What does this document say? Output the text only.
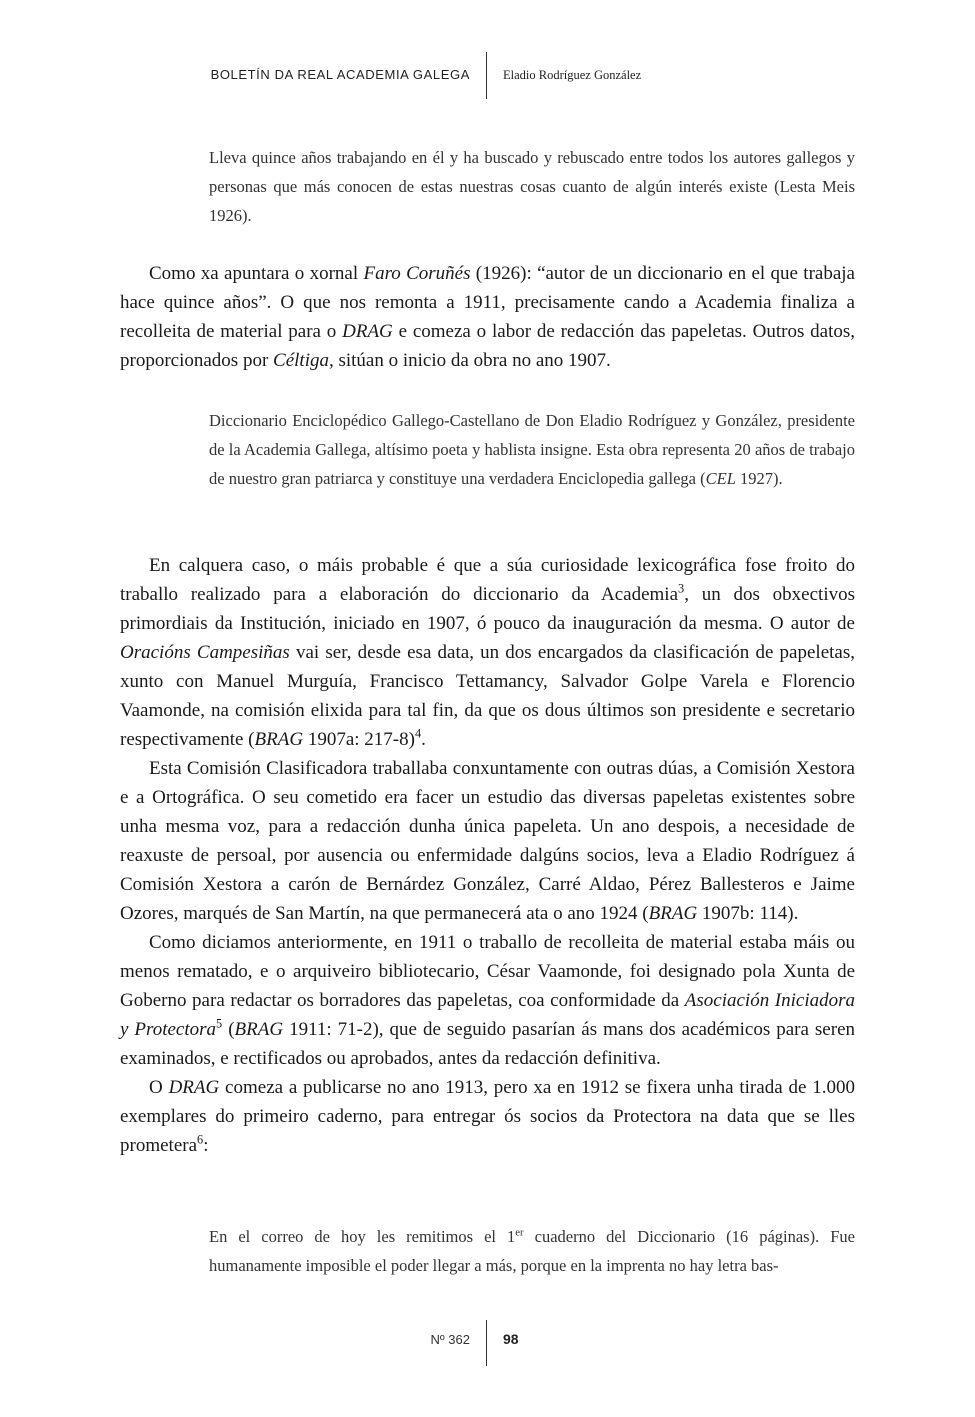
BOLETÍN DA REAL ACADEMIA GALEGA	Eladio Rodríguez González

Lleva quince años trabajando en él y ha buscado y rebuscado entre todos los autores gallegos y personas que más conocen de estas nuestras cosas cuanto de algún interés existe (Lesta Meis 1926).

Como xa apuntara o xornal Faro Coruñés (1926): “autor de un diccionario en el que trabaja hace quince años”. O que nos remonta a 1911, precisamente cando a Academia finaliza a recolleita de material para o DRAG e comeza o labor de redacción das papeletas. Outros datos, proporcionados por Céltiga, sitúan o inicio da obra no ano 1907.

Diccionario Enciclopédico Gallego-Castellano de Don Eladio Rodríguez y González, presidente de la Academia Gallega, altísimo poeta y hablista insigne. Esta obra representa 20 años de trabajo de nuestro gran patriarca y constituye una verdadera Enciclopedia gallega (CEL 1927).

En calquera caso, o máis probable é que a súa curiosidade lexicográfica fose froito do traballo realizado para a elaboración do diccionario da Academia$^3$, un dos obxectivos primordiais da Institución, iniciado en 1907, ó pouco da inauguración da mesma. O autor de Oracións Campesiñas vai ser, desde esa data, un dos encargados da clasificación de papeletas, xunto con Manuel Murguía, Francisco Tettamancy, Salvador Golpe Varela e Florencio Vaamonde, na comisión elixida para tal fin, da que os dous últimos son presidente e secretario respectivamente (BRAG 1907a: 217-8)$^4$.

Esta Comisión Clasificadora traballaba conxuntamente con outras dúas, a Comisión Xestora e a Ortográfica. O seu cometido era facer un estudio das diversas papeletas existentes sobre unha mesma voz, para a redacción dunha única papeleta. Un ano despois, a necesidade de reaxuste de persoal, por ausencia ou enfermidade dalgúns socios, leva a Eladio Rodríguez á Comisión Xestora a carón de Bernárdez González, Carré Aldao, Pérez Ballesteros e Jaime Ozores, marqués de San Martín, na que permanecerá ata o ano 1924 (BRAG 1907b: 114).

Como diciamos anteriormente, en 1911 o traballo de recolleita de material estaba máis ou menos rematado, e o arquiveiro bibliotecario, César Vaamonde, foi designado pola Xunta de Goberno para redactar os borradores das papeletas, coa conformidade da Asociación Iniciadora y Protectora$^5$ (BRAG 1911: 71-2), que de seguido pasarían ás mans dos académicos para seren examinados, e rectificados ou aprobados, antes da redacción definitiva.

O DRAG comeza a publicarse no ano 1913, pero xa en 1912 se fixera unha tirada de 1.000 exemplares do primeiro caderno, para entregar ós socios da Protectora na data que se lles prometera$^6$:

En el correo de hoy les remitimos el 1er cuaderno del Diccionario (16 páginas). Fue humanamente imposible el poder llegar a más, porque en la imprenta no hay letra bas-

Nº 362 98
